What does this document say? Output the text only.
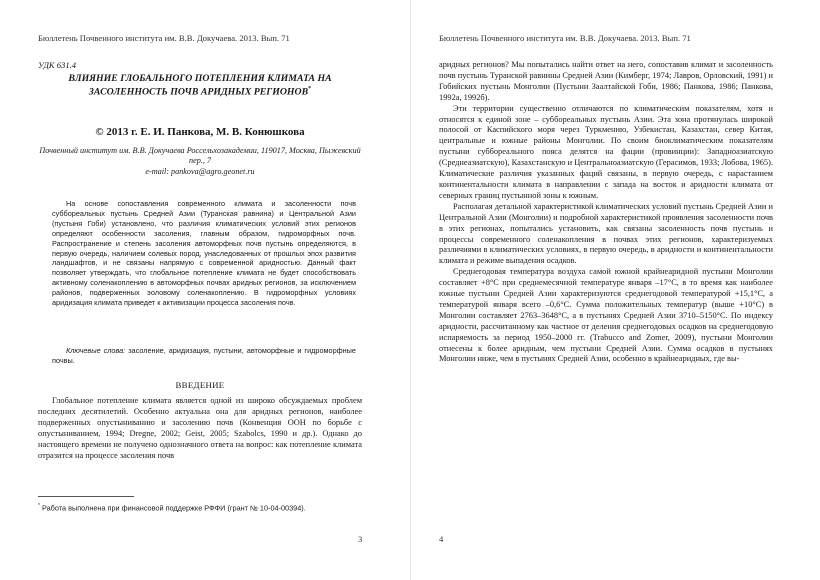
Бюллетень Почвенного института им. В.В. Докучаева. 2013. Вып. 71
УДК 631.4
ВЛИЯНИЕ ГЛОБАЛЬНОГО ПОТЕПЛЕНИЯ КЛИМАТА НА ЗАСОЛЕННОСТЬ ПОЧВ АРИДНЫХ РЕГИОНОВ*
© 2013 г. Е. И. Панкова, М. В. Конюшкова
Почвенный институт им. В.В. Докучаева Россельхозакадемии, 119017, Москва, Пыжевский пер., 7
e-mail: pankova@agro.geonet.ru
На основе сопоставления современного климата и засоленности почв суббореальных пустынь Средней Азии (Туранская равнина) и Центральной Азии (пустыня Гоби) установлено, что различия климатических условий этих регионов определяют особенности засоления, главным образом, гидроморфных почв. Распространение и степень засоления автоморфных почв пустынь определяются, в первую очередь, наличием солевых пород, унаследованных от прошлых эпох развития ландшафтов, и не связаны напрямую с современной аридностью. Данный факт позволяет утверждать, что глобальное потепление климата не будет способствовать активному соленакоплению в автоморфных почвах аридных регионов, за исключением районов, подверженных эоловому соленакоплению. В гидроморфных условиях аридизация климата приведет к активизации процесса засоления почв.
Ключевые слова: засоление, аридизация, пустыни, автоморфные и гидроморфные почвы.
ВВЕДЕНИЕ
Глобальное потепление климата является одной из широко обсуждаемых проблем последних десятилетий. Особенно актуальна она для аридных регионов, наиболее подверженных опустыниванию и засолению почв (Конвенция ООН по борьбе с опустыниванием, 1994; Dregne, 2002; Geist, 2005; Szabolcs, 1990 и др.). Однако до настоящего времени не получено однозначного ответа на вопрос: как потепление климата отразится на процессе засоления почв
* Работа выполнена при финансовой поддержке РФФИ (грант № 10-04-00394).
3
Бюллетень Почвенного института им. В.В. Докучаева. 2013. Вып. 71

аридных регионов? Мы попытались найти ответ на него, сопоставив климат и засоленность почв пустынь Туранской равнины Средней Азии (Кимберг, 1974; Лавров, Орловский, 1991) и Гобийских пустынь Монголии (Пустыни Заалтайской Гоби, 1986; Панкова, 1986; Панкова, 1992а, 1992б).

Эти территории существенно отличаются по климатическим показателям, хотя и относятся к единой зоне – суббореальных пустынь Азии. Эта зона протянулась широкой полосой от Каспийского моря через Туркмению, Узбекистан, Казахстан, север Китая, центральные и южные районы Монголии. По своим биоклиматическим показателям пустыни суббореального пояса делятся на фации (провинции): Западноазиатскую (Среднеазиатскую), Казахстанскую и Центральноазиатскую (Герасимов, 1933; Лобова, 1965). Климатические различия указанных фаций связаны, в первую очередь, с нарастанием континентальности климата в направлении с запада на восток и аридности климата от северных границ пустынной зоны к южным.

Располагая детальной характеристикой климатических условий пустынь Средней Азии и Центральной Азии (Монголии) и подробной характеристикой проявления засоленности почв в этих регионах, попытались установить, как связаны засоленность почв пустынь и процессы современного соленакопления в почвах этих регионов, характеризуемых различиями в климатических условиях, в первую очередь, в аридности и континентальности климата и режиме выпадения осадков.

Среднегодовая температура воздуха самой южной крайнеаридной пустыни Монголии составляет +8°С при среднемесячной температуре января –17°С, в то время как наиболее южные пустыни Средней Азии характеризуются среднегодовой температурой +15,1°С, а температурой января всего –0,6°С. Сумма положительных температур (выше +10°С) в Монголии составляет 2763–3648°С, а в пустынях Средней Азии 3710–5150°С. По индексу аридности, рассчитанному как частное от деления среднегодовых осадков на среднегодовую испаряемость за период 1950–2000 гг. (Trabucco and Zomer, 2009), пустыни Монголии отнесены к более аридным, чем пустыни Средней Азии. Сумма осадков в пустынях Монголии ниже, чем в пустынях Средней Азии, особенно в крайнеаридных, где вы-

4
